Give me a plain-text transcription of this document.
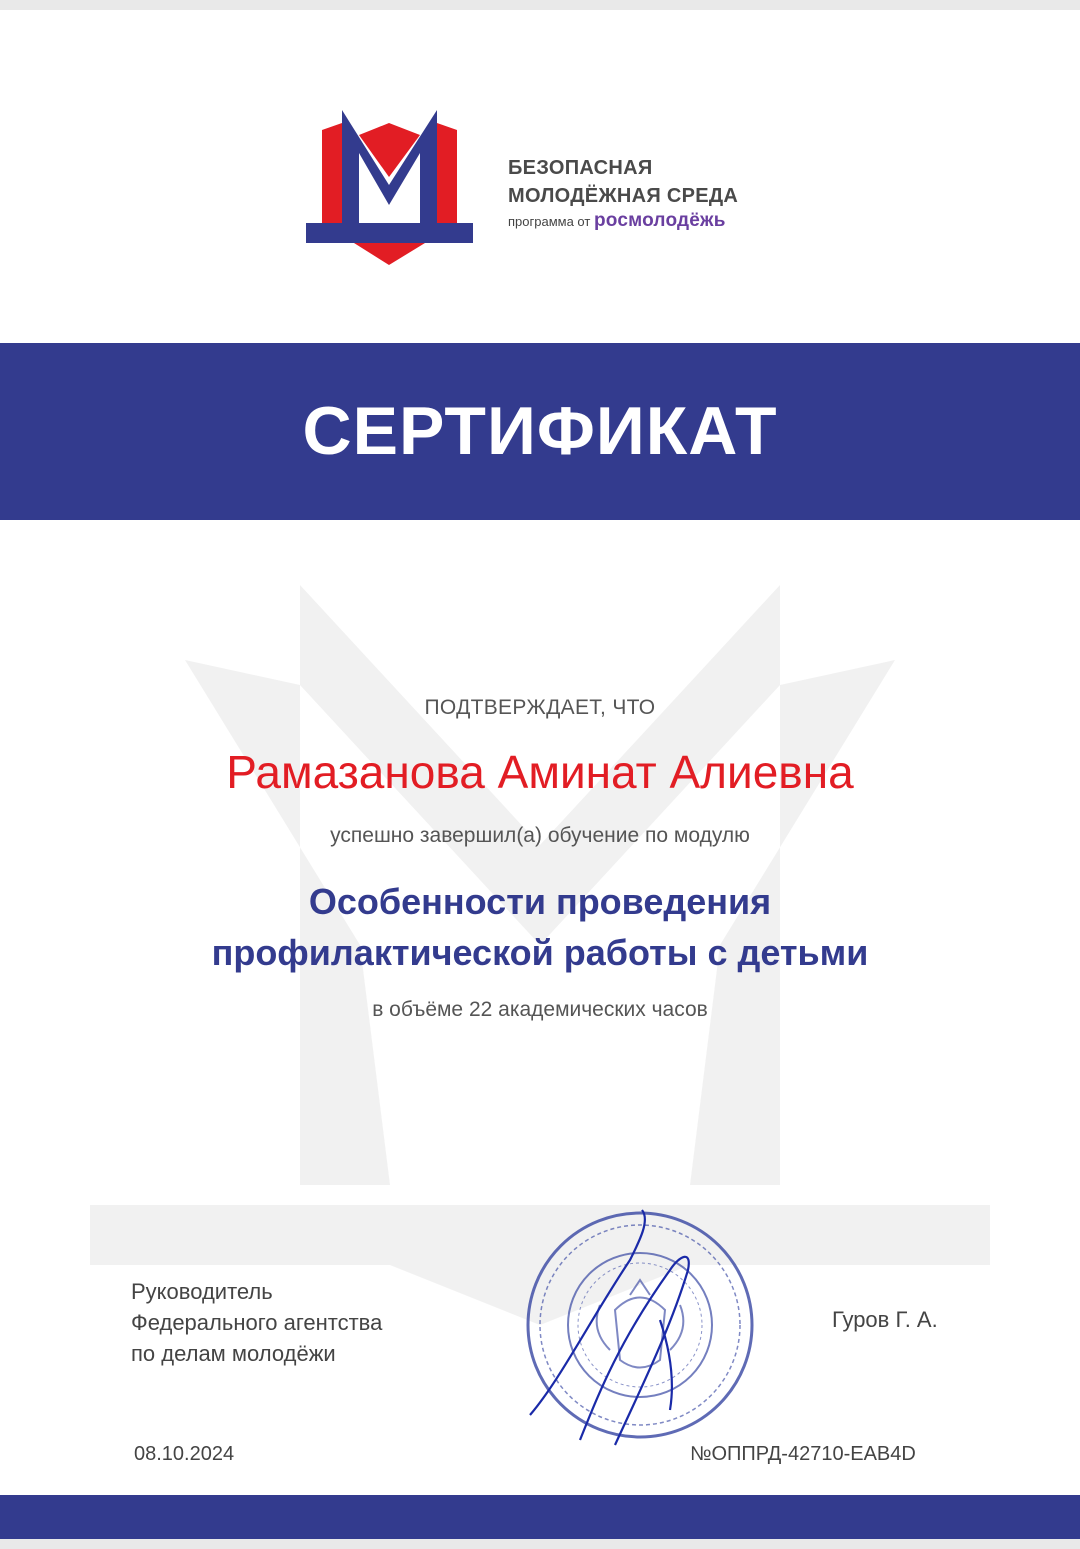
БЕЗОПАСНАЯ
МОЛОДЁЖНАЯ СРЕДА
программа от росмолодёжь
СЕРТИФИКАТ
ПОДТВЕРЖДАЕТ, ЧТО
Рамазанова Аминат Алиевна
успешно завершил(а) обучение по модулю
Особенности проведения
профилактической работы с детьми
в объёме 22 академических часов
Руководитель
Федерального агентства
по делам молодёжи
Гуров Г. А.
08.10.2024	№ОППРД-42710-EAB4D
